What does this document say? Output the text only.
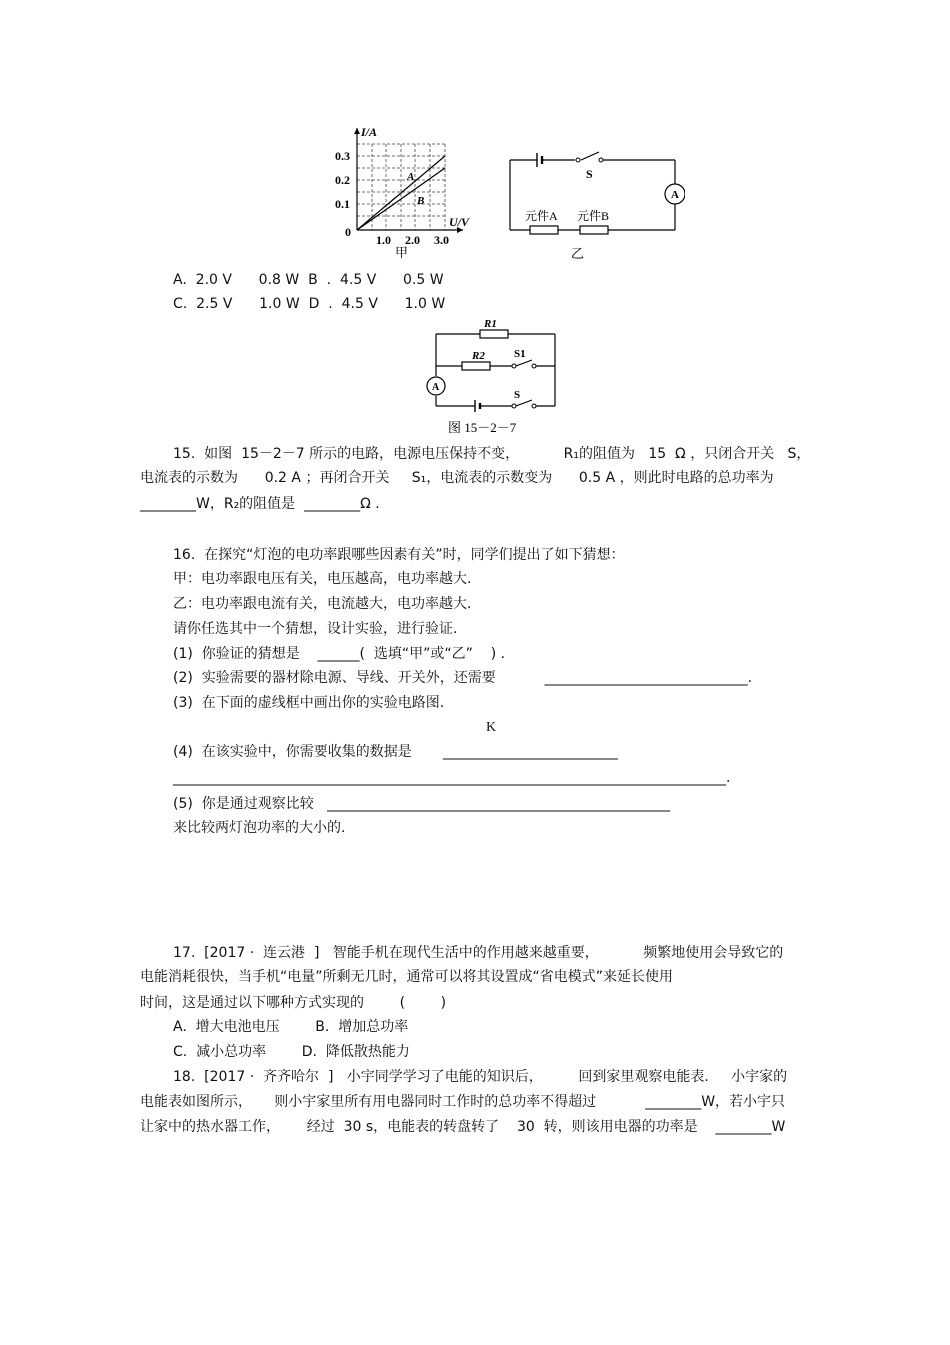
I/A
U/V
0.3
0.2
0.1
0
1.0 2.0 3.0
A
B
甲
A
S
元件A 元件B
乙
A.  2.0 V      0.8 W  B  .  4.5 V      0.5 W
C.  2.5 V      1.0 W  D  .  4.5 V      1.0 W
A
R1
R2	S1
S
图 15－2－7
15.  如图  15－2－7 所示的电路，电源电压保持不变，          R₁的阻值为   15  Ω ，只闭合开关   S，
电流表的示数为      0.2 A ；再闭合开关     S₁，电流表的示数变为      0.5 A ，则此时电路的总功率为
________W，R₂的阻值是  ________Ω .
16.  在探究“灯泡的电功率跟哪些因素有关”时，同学们提出了如下猜想：
甲：电功率跟电压有关，电压越高，电功率越大.
乙：电功率跟电流有关，电流越大，电功率越大.
请你任选其中一个猜想，设计实验，进行验证.
(1)  你验证的猜想是    ______(  选填“甲”或“乙”    ) .
(2)  实验需要的器材除电源、导线、开关外，还需要           _____________________________.
(3)  在下面的虚线框中画出你的实验电路图.
K
(4)  在该实验中，你需要收集的数据是       _________________________
_______________________________________________________________________________.
(5)  你是通过观察比较   _________________________________________________
来比较两灯泡功率的大小的.
17.  [2017 ·  连云港  ]   智能手机在现代生活中的作用越来越重要，          频繁地使用会导致它的
电能消耗很快，当手机“电量”所剩无几时，通常可以将其设置成“省电模式”来延长使用
时间，这是通过以下哪种方式实现的        (        )
A.  增大电池电压        B.  增加总功率
C.  减小总功率        D.  降低散热能力
18.  [2017 ·  齐齐哈尔  ]   小宇同学学习了电能的知识后，        回到家里观察电能表.     小宇家的
电能表如图所示，     则小宇家里所有用电器同时工作时的总功率不得超过           ________W，若小宇只
让家中的热水器工作，      经过  30 s，电能表的转盘转了    30  转，则该用电器的功率是    ________W
